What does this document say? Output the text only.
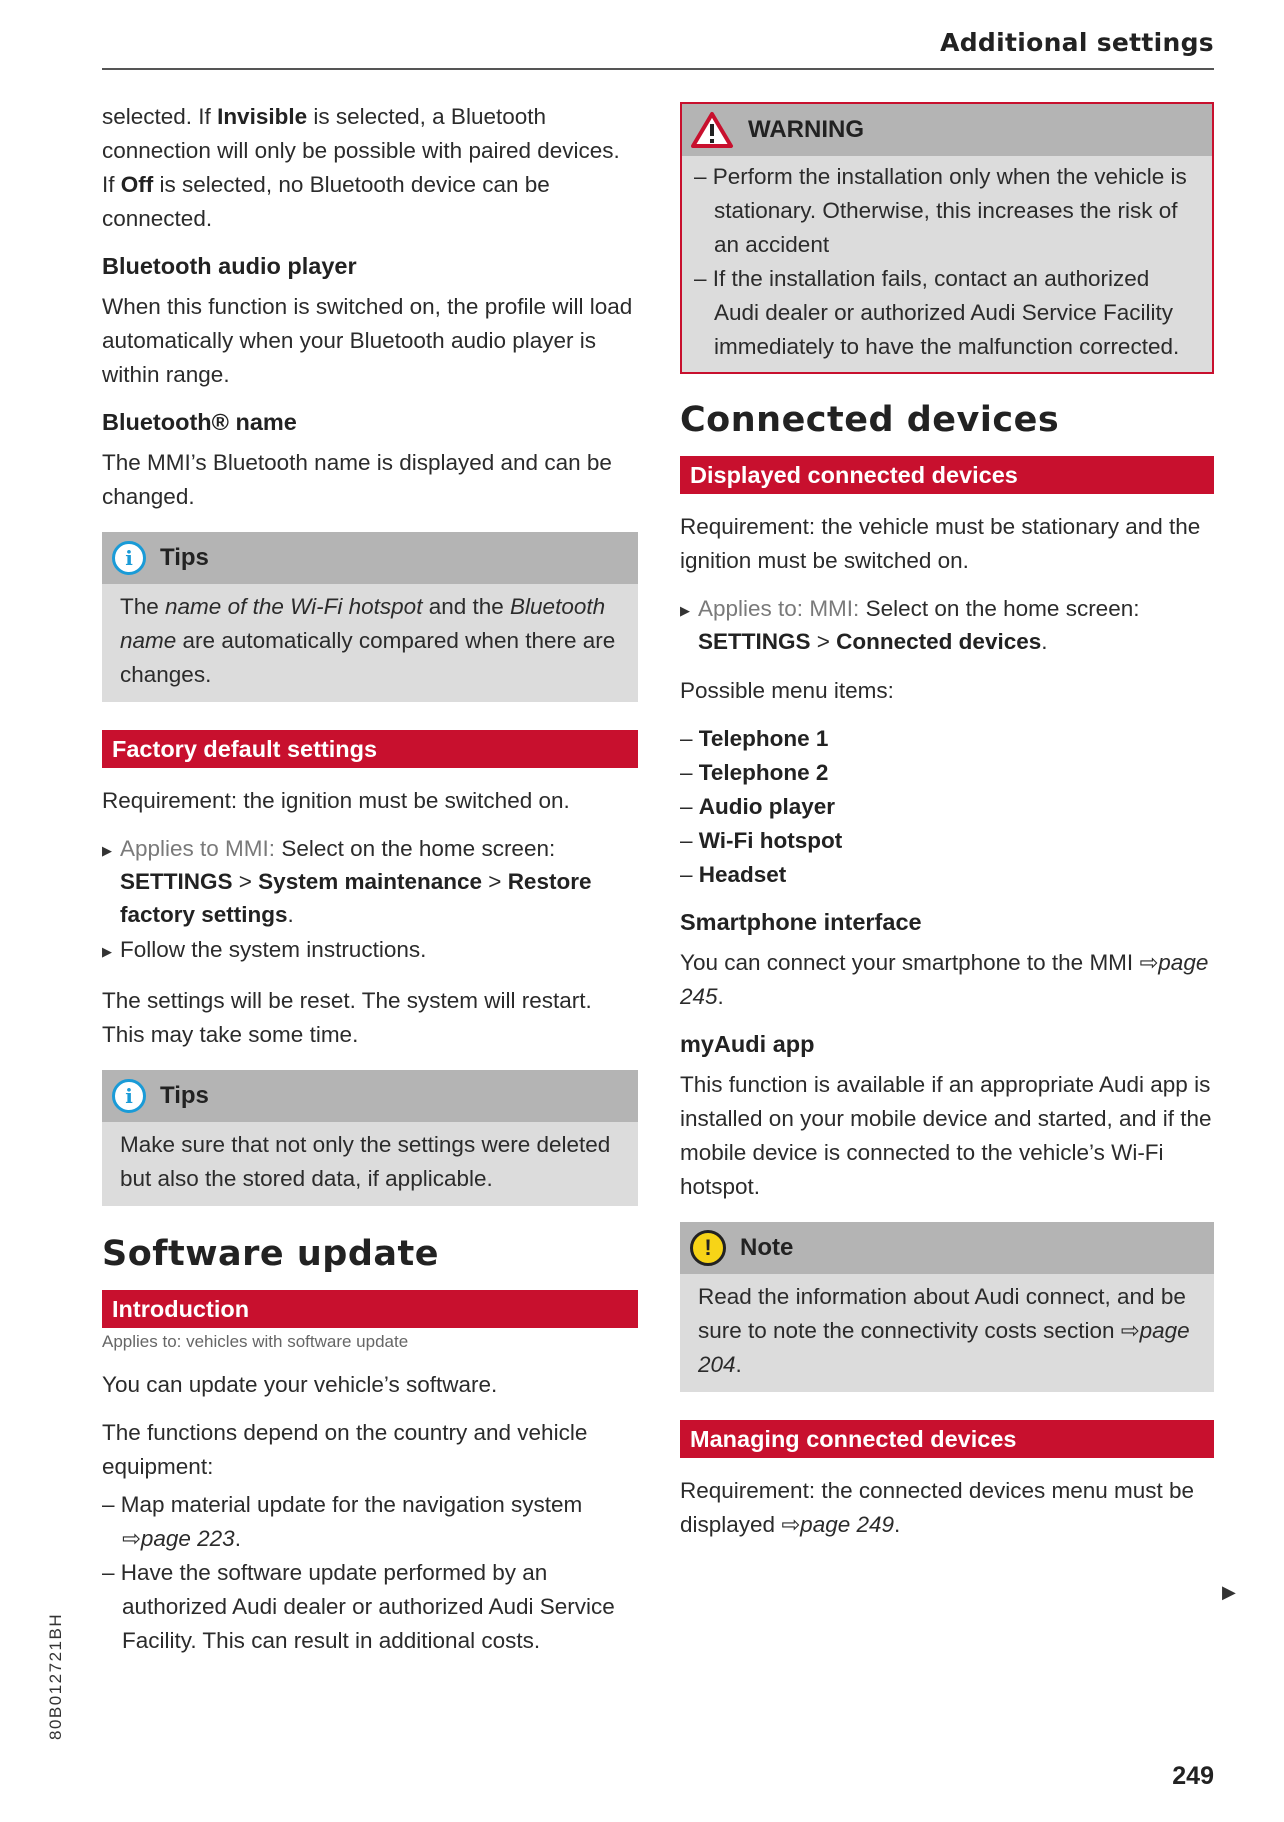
Additional settings

selected. If Invisible is selected, a Bluetooth connection will only be possible with paired devices. If Off is selected, no Bluetooth device can be connected.

Bluetooth audio player

When this function is switched on, the profile will load automatically when your Bluetooth audio player is within range.

Bluetooth® name

The MMI’s Bluetooth name is displayed and can be changed.

i	Tips
The name of the Wi-Fi hotspot and the Bluetooth name are automatically compared when there are changes.
Factory default settings

Requirement: the ignition must be switched on.

▶ Applies to MMI: Select on the home screen:
SETTINGS > System maintenance > Restore factory settings.
▶ Follow the system instructions.

The settings will be reset. The system will restart. This may take some time.

i	Tips
Make sure that not only the settings were deleted but also the stored data, if applicable.
Software update
Introduction
Applies to: vehicles with software update

You can update your vehicle’s software.

The functions depend on the country and vehicle equipment:

– Map material update for the navigation system ⇨page 223.
– Have the software update performed by an authorized Audi dealer or authorized Audi Service Facility. This can result in additional costs.
WARNING
– Perform the installation only when the vehicle is stationary. Otherwise, this increases the risk of an accident
– If the installation fails, contact an authorized Audi dealer or authorized Audi Service Facility immediately to have the malfunction corrected.
Connected devices
Displayed connected devices

Requirement: the vehicle must be stationary and the ignition must be switched on.

▶ Applies to: MMI: Select on the home screen:
SETTINGS > Connected devices.

Possible menu items:

– Telephone 1
– Telephone 2
– Audio player
– Wi-Fi hotspot
– Headset
Smartphone interface

You can connect your smartphone to the MMI ⇨page 245.

myAudi app

This function is available if an appropriate Audi app is installed on your mobile device and started, and if the mobile device is connected to the vehicle’s Wi-Fi hotspot.

!	Note
Read the information about Audi connect, and be sure to note the connectivity costs section ⇨page 204.
Managing connected devices

Requirement: the connected devices menu must be displayed ⇨page 249.

▶
80B012721BH
249
